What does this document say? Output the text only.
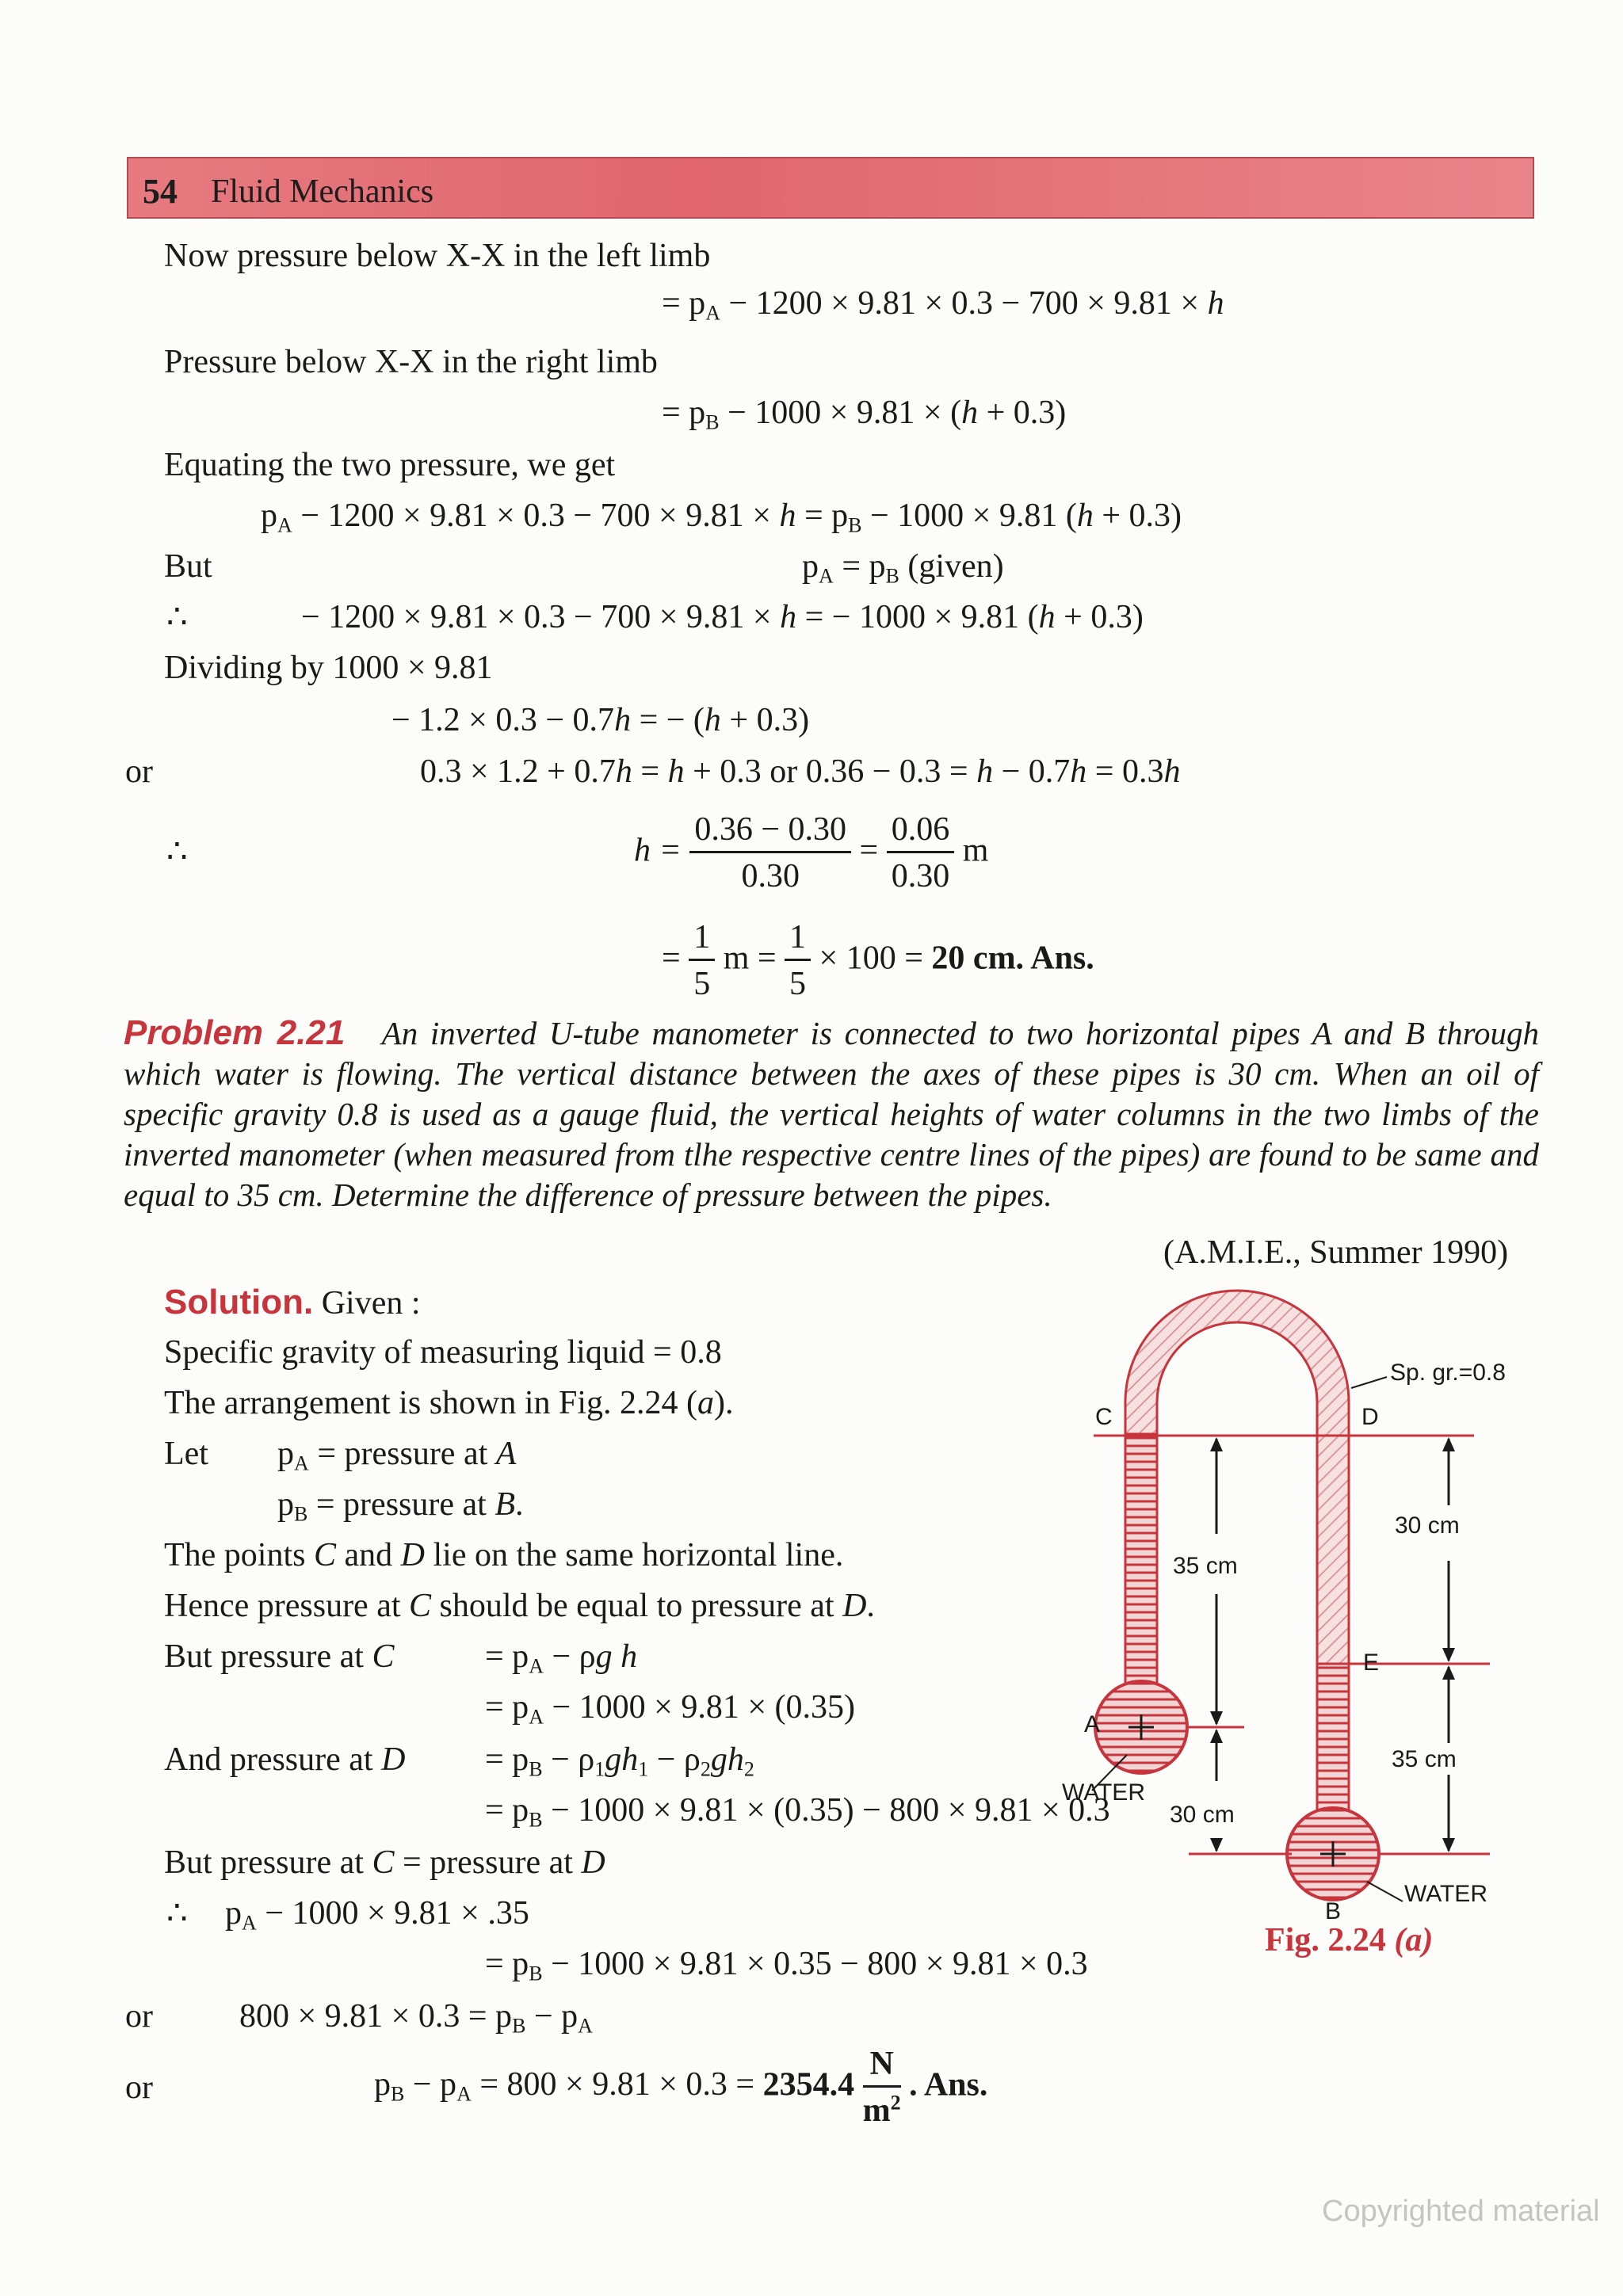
54 Fluid Mechanics
Now pressure below X-X in the left limb
= $p_A - 1200 \times 9.81 \times 0.3 - 700 \times 9.81 \times h$
Pressure below X-X in the right limb
= $p_B - 1000 \times 9.81 \times (h + 0.3)$
Equating the two pressure, we get
$p_A - 1200 \times 9.81 \times 0.3 - 700 \times 9.81 \times h = p_B - 1000 \times 9.81$ (h + 0.3)
But	$p_A = p_B$ (given)
∴	− 1200 × 9.81 × 0.3 − 700 × 9.81 × h = − 1000 × 9.81 (h + 0.3)
Dividing by 1000 × 9.81
− 1.2 × 0.3 − 0.7h = − (h + 0.3)
or	0.3 × 1.2 + 0.7h = h + 0.3 or 0.36 − 0.3 = h − 0.7h = 0.3h
∴	$h = \frac{0.36 - 0.30}{0.30} = \frac{0.06}{0.30}$ m
= $\frac{1}{5}$ $m = \frac{1}{5} \times 100 = 20$ cm. Ans.
Problem 2.21 An inverted U-tube manometer is connected to two horizontal pipes A and B through which water is flowing. The vertical distance between the axes of these pipes is 30 cm. When an oil of specific gravity 0.8 is used as a gauge fluid, the vertical heights of water columns in the two limbs of the inverted manometer (when measured from tlhe respective centre lines of the pipes) are found to be same and equal to 35 cm. Determine the difference of pressure between the pipes.
(A.M.I.E., Summer 1990)
Solution. Given :
Specific gravity of measuring liquid = 0.8
The arrangement is shown in Fig. 2.24 (a).
Let $p_A$ = pressure at A
$p_B$ = pressure at B.
The points C and D lie on the same horizontal line.
Hence pressure at C should be equal to pressure at D.
But pressure at C	= $p_A - \rho g$ h
= $p_A - 1000 \times 9.81 \times (0.35)$
And pressure at $D = p_B - \rho_1gh_1 - \rho_2gh_2$
= $p_B - 1000 \times 9.81 \times (0.35) - 800 \times 9.81 \times 0.3$
But pressure at C = pressure at D
∴ $p_A - 1000 \times 9.81 \times .35$
= $p_B - 1000 \times 9.81 \times 0.35 - 800 \times 9.81 \times 0.3$
or	$800 \times 9.81 \times 0.3 = p_B - p_A$
or	$p_B - p_A = 800 \times 9.81 \times 0.3 = 2354.4 \frac{N}{m^2}$ . Ans.
Sp. gr.=0.8
C	D
30 cm
35 cm
E
A
35 cm
WATER
30 cm
WATER
B
Fig. 2.24 (a)
Copyrighted material
